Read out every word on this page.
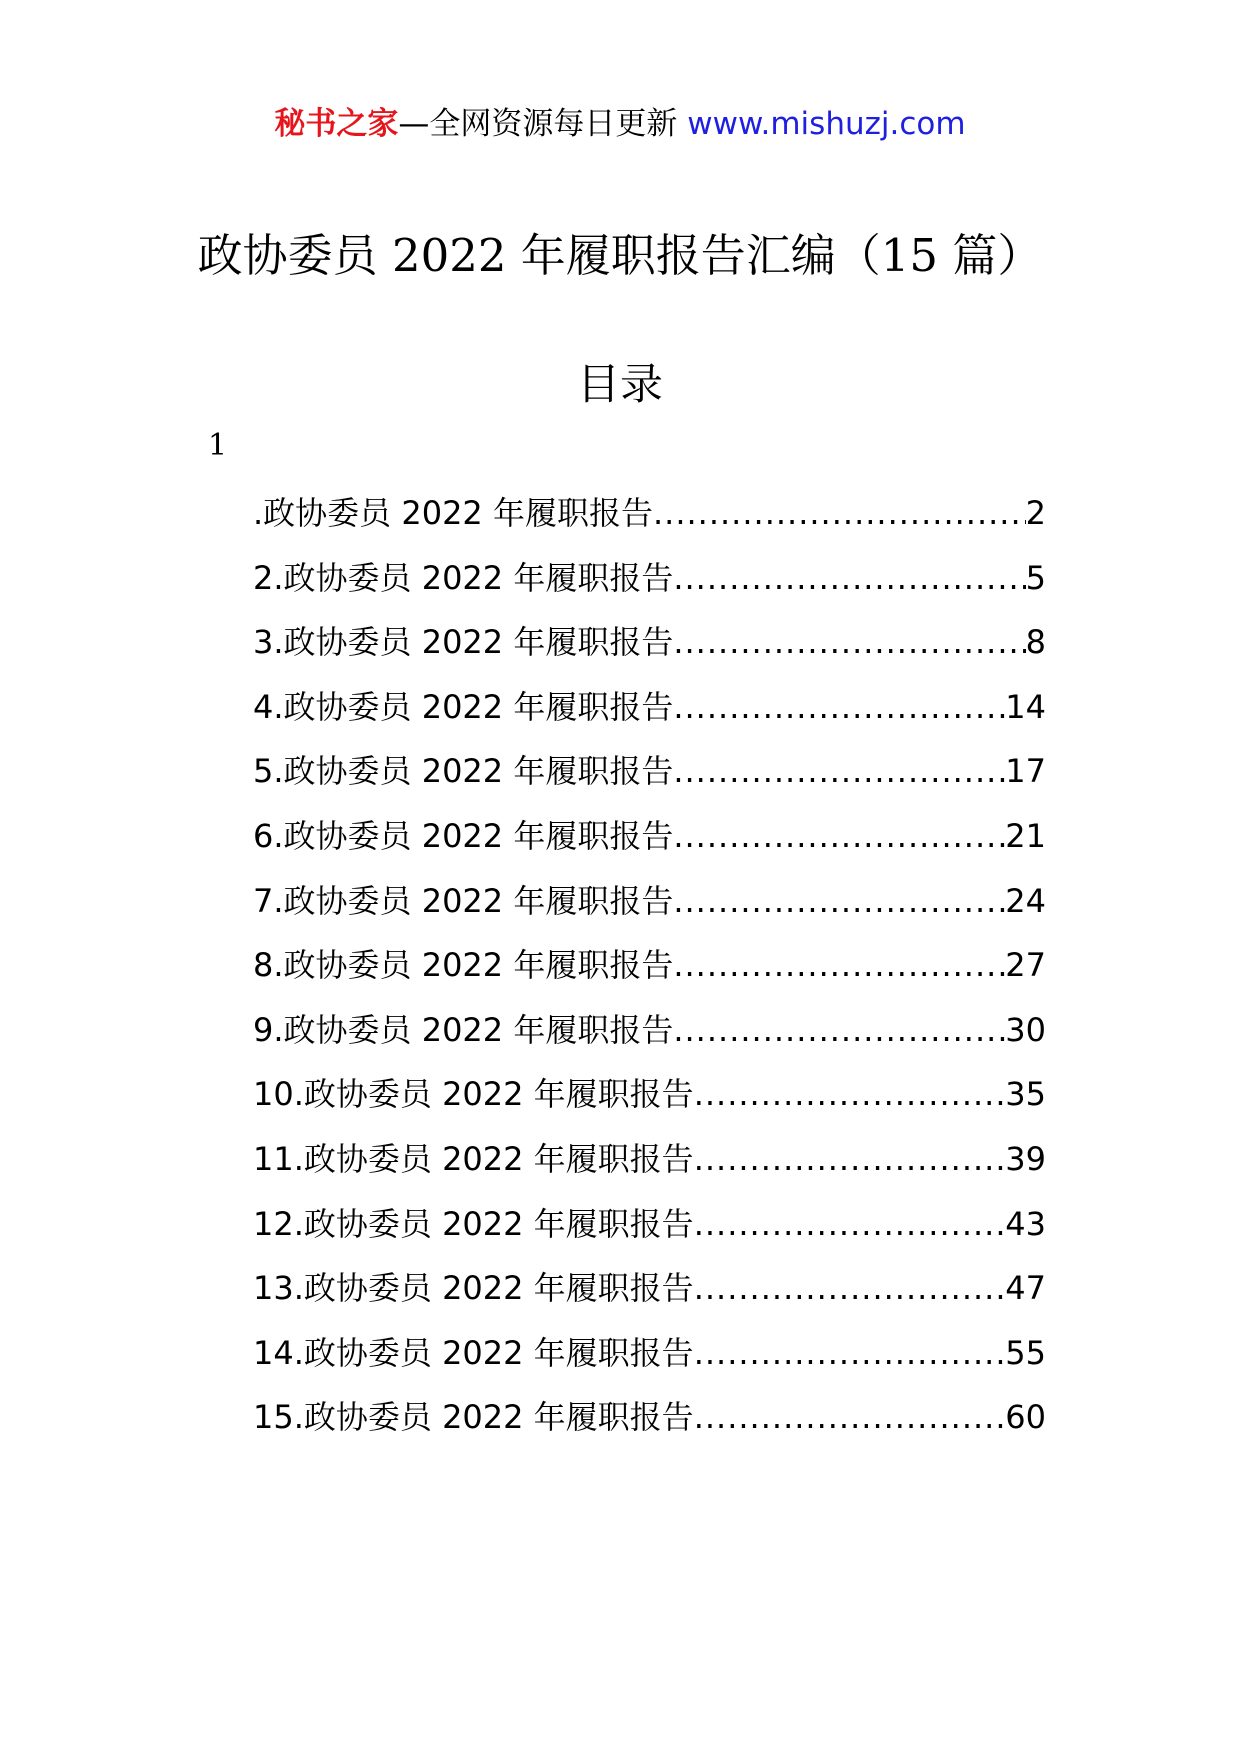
秘书之家—全网资源每日更新 www.mishuzj.com
政协委员 2022 年履职报告汇编（15 篇）
目录
1
.政协委员 2022 年履职报告 .....	2
2.政协委员 2022 年履职报告 .....	5
3.政协委员 2022 年履职报告 .....	8
4.政协委员 2022 年履职报告 .....	14
5.政协委员 2022 年履职报告 .....	17
6.政协委员 2022 年履职报告 .....	21
7.政协委员 2022 年履职报告 .....	24
8.政协委员 2022 年履职报告 .....	27
9.政协委员 2022 年履职报告 .....	30
10.政协委员 2022 年履职报告 .....	35
11.政协委员 2022 年履职报告 .....	39
12.政协委员 2022 年履职报告 .....	43
13.政协委员 2022 年履职报告 .....	47
14.政协委员 2022 年履职报告 .....	55
15.政协委员 2022 年履职报告 .....	60
